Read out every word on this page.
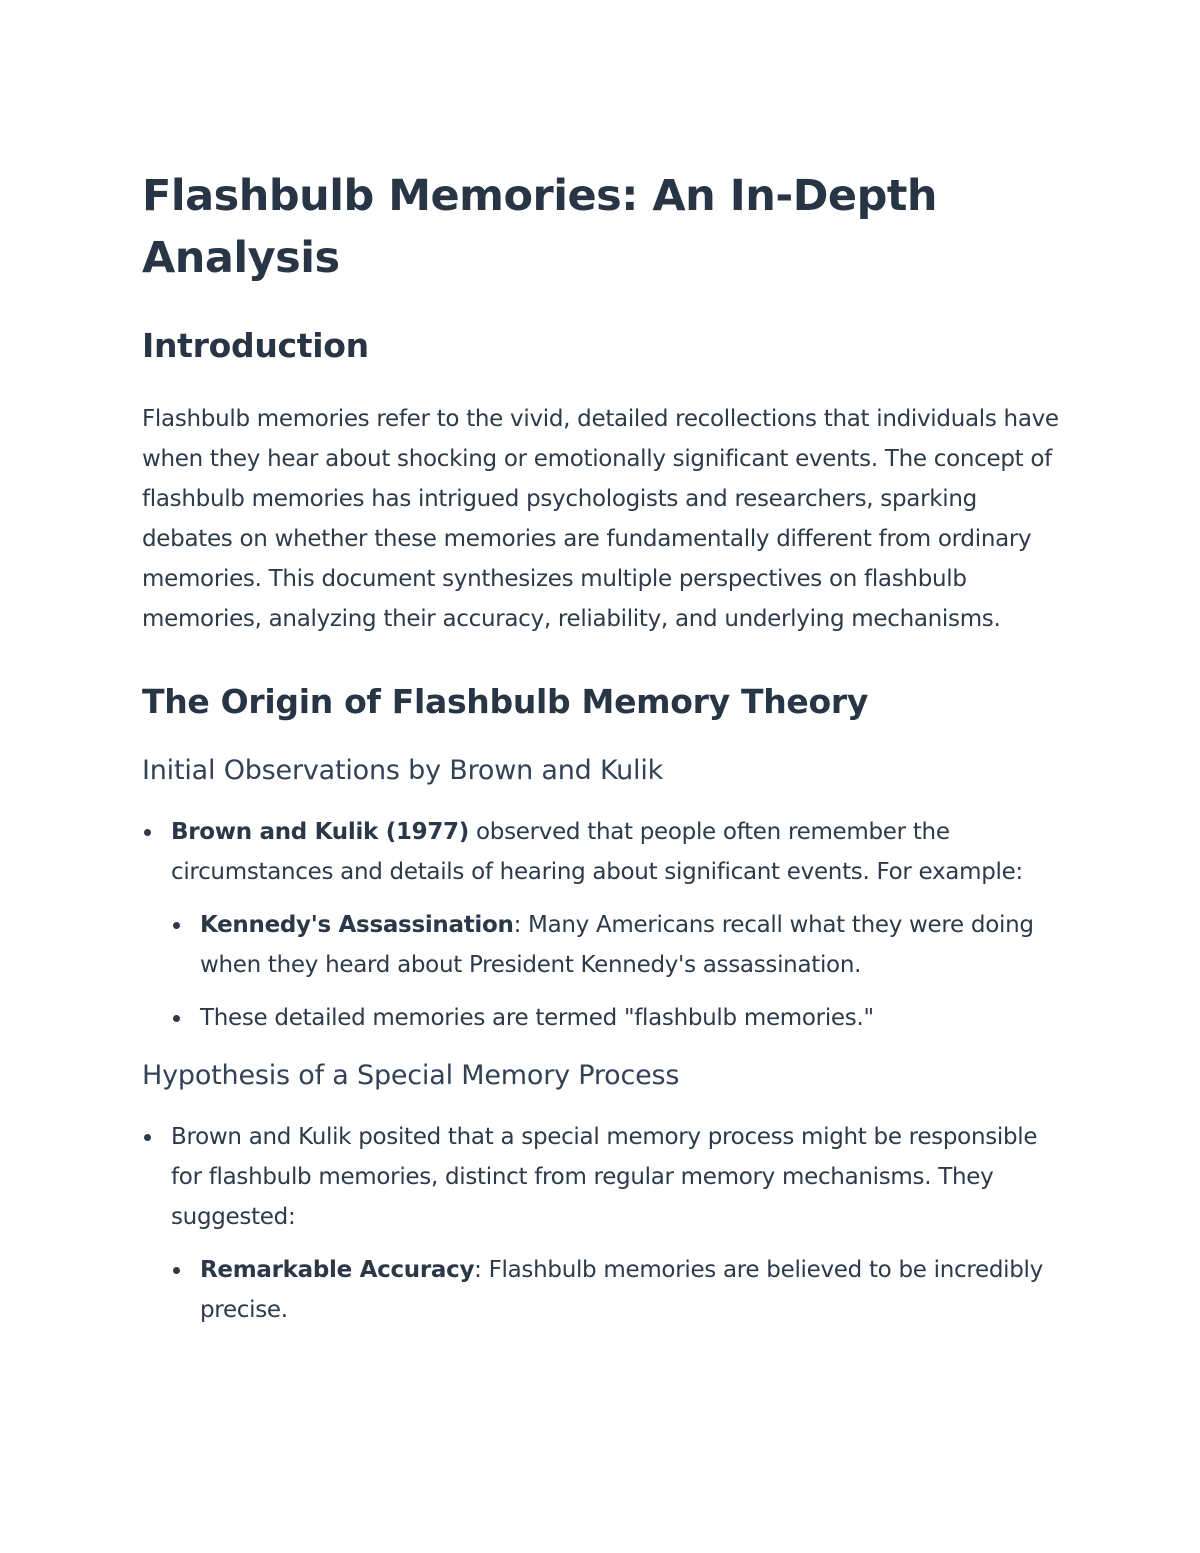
Flashbulb Memories: An In-Depth Analysis
Introduction

Flashbulb memories refer to the vivid, detailed recollections that individuals have when they hear about shocking or emotionally significant events. The concept of flashbulb memories has intrigued psychologists and researchers, sparking debates on whether these memories are fundamentally different from ordinary memories. This document synthesizes multiple perspectives on flashbulb memories, analyzing their accuracy, reliability, and underlying mechanisms.

The Origin of Flashbulb Memory Theory
Initial Observations by Brown and Kulik
Brown and Kulik (1977) observed that people often remember the circumstances and details of hearing about significant events. For example:
Kennedy's Assassination: Many Americans recall what they were doing when they heard about President Kennedy's assassination.
These detailed memories are termed "flashbulb memories."
Hypothesis of a Special Memory Process
Brown and Kulik posited that a special memory process might be responsible for flashbulb memories, distinct from regular memory mechanisms. They suggested:
Remarkable Accuracy: Flashbulb memories are believed to be incredibly precise.
